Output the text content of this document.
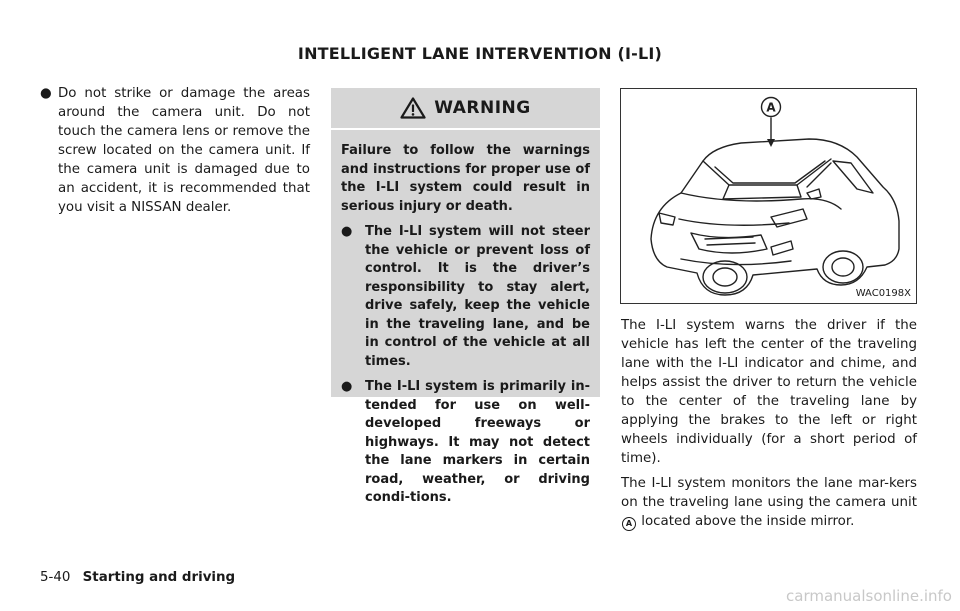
INTELLIGENT LANE INTERVENTION (I-LI)
● Do not strike or damage the areas around the camera unit. Do not touch the camera lens or remove the screw located on the camera unit. If the camera unit is damaged due to an accident, it is recommended that you visit a NISSAN dealer.
WARNING

Failure to follow the warnings and instructions for proper use of the I-LI system could result in serious injury or death.

● The I-LI system will not steer the vehicle or prevent loss of control. It is the driver’s responsibility to stay alert, drive safely, keep the vehicle in the traveling lane, and be in control of the vehicle at all times.
● The I-LI system is primarily in-tended for use on well-developed freeways or highways. It may not detect the lane markers in certain road, weather, or driving condi-tions.
A
WAC0198X

The I-LI system warns the driver if the vehicle has left the center of the traveling lane with the I-LI indicator and chime, and helps assist the driver to return the vehicle to the center of the traveling lane by applying the brakes to the left or right wheels individually (for a short period of time).

The I-LI system monitors the lane mar-kers on the traveling lane using the camera unit A located above the inside mirror.

5-40 Starting and driving
carmanualsonline.info
